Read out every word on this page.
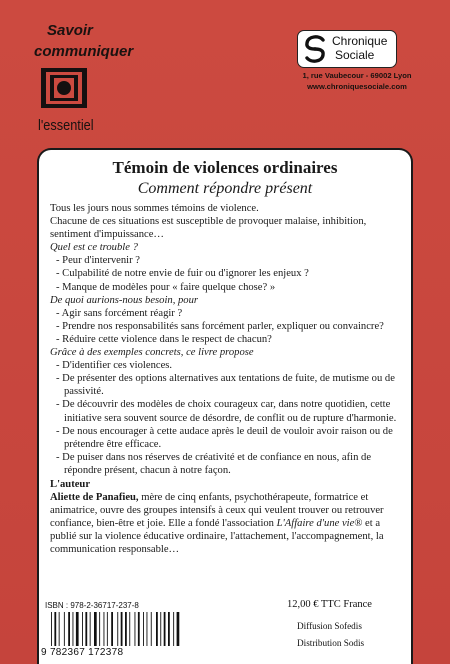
Savoir
communiquer
l'essentiel
Chronique
Sociale
1, rue Vaubecour - 69002 Lyon
www.chroniquesociale.com
Témoin de violences ordinaires
Comment répondre présent

Tous les jours nous sommes témoins de violence.

Chacune de ces situations est susceptible de provoquer malaise, inhibition, sentiment d'impuissance…

Quel est ce trouble ?

- Peur d'intervenir ?

- Culpabilité de notre envie de fuir ou d'ignorer les enjeux ?

- Manque de modèles pour « faire quelque chose? »

De quoi aurions-nous besoin, pour

- Agir sans forcément réagir ?

- Prendre nos responsabilités sans forcément parler, expliquer ou convaincre?

- Réduire cette violence dans le respect de chacun?

Grâce à des exemples concrets, ce livre propose

- D'identifier ces violences.

- De présenter des options alternatives aux tentations de fuite, de mutisme ou de passivité.

- De découvrir des modèles de choix courageux car, dans notre quotidien, cette initiative sera souvent source de désordre, de conflit ou de rupture d'harmonie.

- De nous encourager à cette audace après le deuil de vouloir avoir raison ou de prétendre être efficace.

- De puiser dans nos réserves de créativité et de confiance en nous, afin de répondre présent, chacun à notre façon.

L'auteur

Aliette de Panafieu, mère de cinq enfants, psychothérapeute, formatrice et animatrice, ouvre des groupes intensifs à ceux qui veulent trouver ou retrouver confiance, bien-être et joie. Elle a fondé l'association L'Affaire d'une vie® et a publié sur la violence éducative ordinaire, l'attachement, l'accompagnement, la communication responsable…

ISBN : 978-2-36717-237-8
9 782367 172378
12,00 € TTC France
Diffusion Sofedis
Distribution Sodis
